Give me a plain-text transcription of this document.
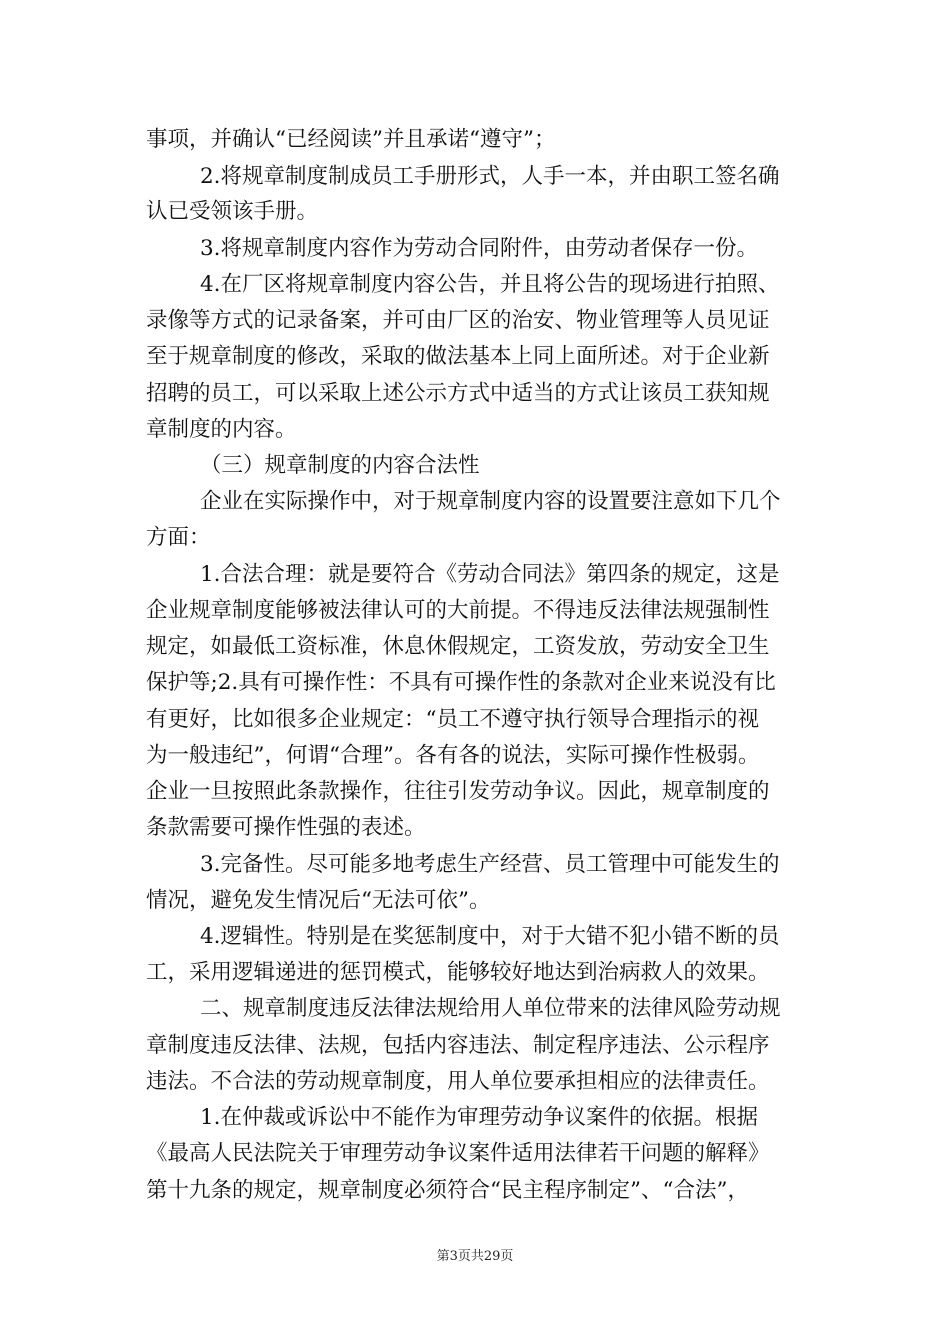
事项，并确认“已经阅读”并且承诺“遵守”；
2.将规章制度制成员工手册形式，人手一本，并由职工签名确
认已受领该手册。
3.将规章制度内容作为劳动合同附件，由劳动者保存一份。
4.在厂区将规章制度内容公告，并且将公告的现场进行拍照、
录像等方式的记录备案，并可由厂区的治安、物业管理等人员见证
至于规章制度的修改，采取的做法基本上同上面所述。对于企业新
招聘的员工，可以采取上述公示方式中适当的方式让该员工获知规
章制度的内容。
（三）规章制度的内容合法性
企业在实际操作中，对于规章制度内容的设置要注意如下几个
方面：
1.合法合理：就是要符合《劳动合同法》第四条的规定，这是
企业规章制度能够被法律认可的大前提。不得违反法律法规强制性
规定，如最低工资标准，休息休假规定，工资发放，劳动安全卫生
保护等;2.具有可操作性：不具有可操作性的条款对企业来说没有比
有更好，比如很多企业规定：“员工不遵守执行领导合理指示的视
为一般违纪”，何谓“合理”。各有各的说法，实际可操作性极弱。
企业一旦按照此条款操作，往往引发劳动争议。因此，规章制度的
条款需要可操作性强的表述。
3.完备性。尽可能多地考虑生产经营、员工管理中可能发生的
情况，避免发生情况后“无法可依”。
4.逻辑性。特别是在奖惩制度中，对于大错不犯小错不断的员
工，采用逻辑递进的惩罚模式，能够较好地达到治病救人的效果。
二、规章制度违反法律法规给用人单位带来的法律风险劳动规
章制度违反法律、法规，包括内容违法、制定程序违法、公示程序
违法。不合法的劳动规章制度，用人单位要承担相应的法律责任。
1.在仲裁或诉讼中不能作为审理劳动争议案件的依据。根据
《最高人民法院关于审理劳动争议案件适用法律若干问题的解释》
第十九条的规定，规章制度必须符合“民主程序制定”、“合法”，
第3页共29页
